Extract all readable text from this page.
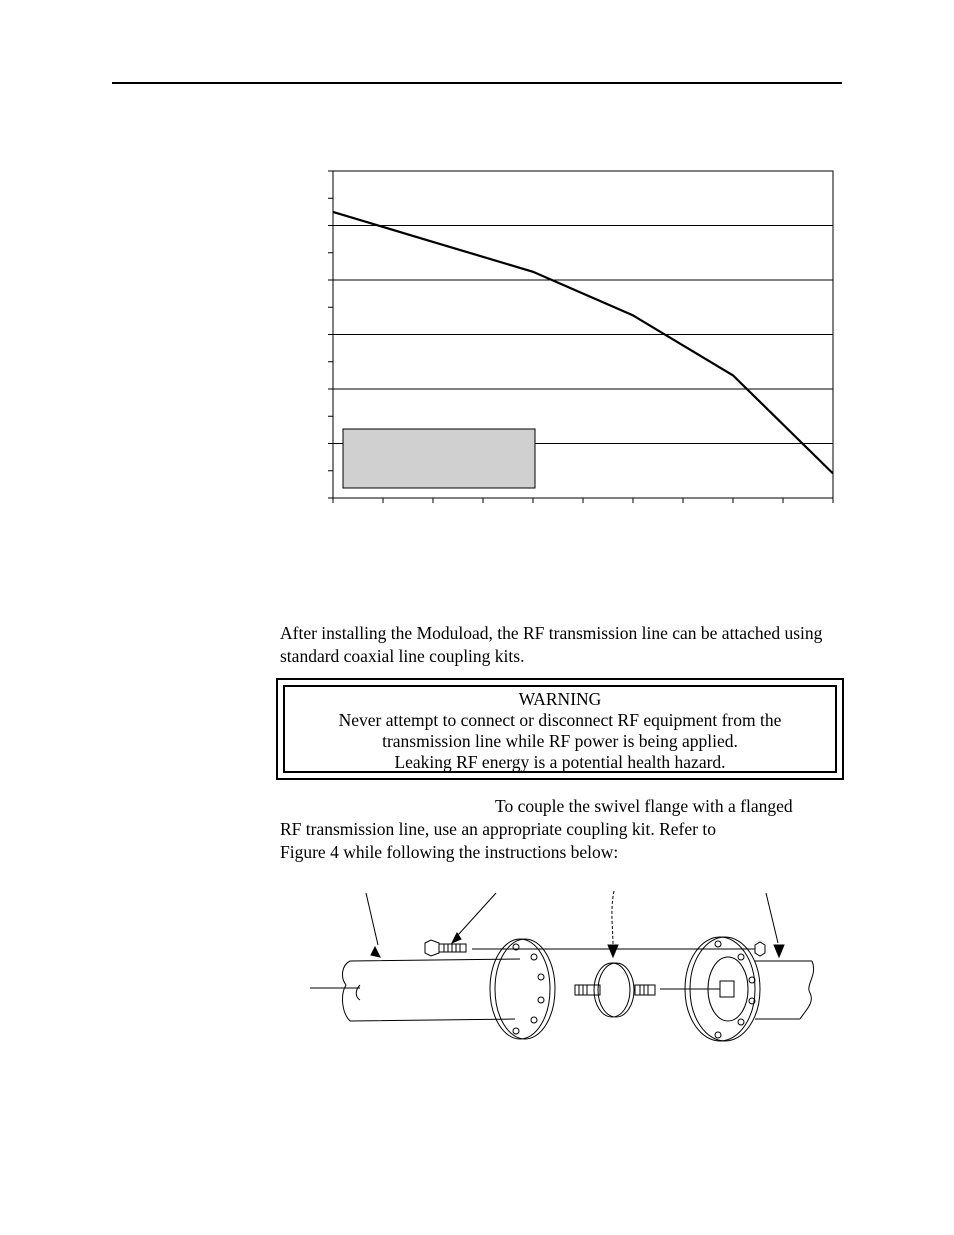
After installing the Moduload, the RF transmission line can be attached using standard coaxial line coupling kits.

WARNING
Never attempt to connect or disconnect RF equipment from the
transmission line while RF power is being applied.
Leaking RF energy is a potential health hazard.

To couple the swivel flange with a flanged
RF transmission line, use an appropriate coupling kit. Refer to
Figure 4 while following the instructions below:
